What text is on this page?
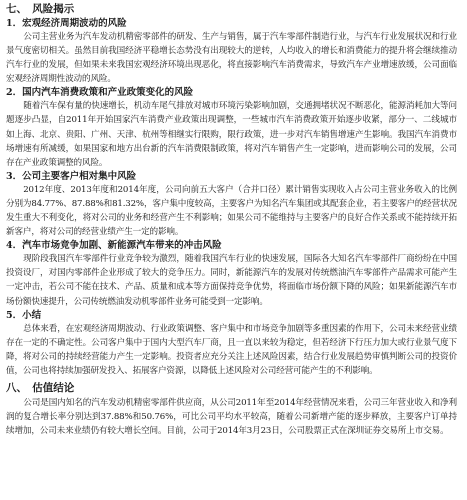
七、　风险揭示
1．宏观经济周期波动的风险

公司主营业务为汽车发动机精密零部件的研发、生产与销售，属于汽车零部件制造行业，与汽车行业发展状况和行业景气度密切相关。虽然目前我国经济平稳增长态势没有出现较大的逆转，人均收入的增长和消费能力的提升将会继续推动汽车行业的发展，但如果未来我国宏观经济环境出现恶化，将直接影响汽车消费需求，导致汽车产业增速放缓，公司面临宏观经济周期性波动的风险。

2．国内汽车消费政策和产业政策变化的风险

随着汽车保有量的快速增长，机动车尾气排放对城市环境污染影响加剧，交通拥堵状况不断恶化，能源消耗加大等问题逐步凸显，自2011年开始国家汽车消费产业政策出现调整，一些城市汽车消费政策开始逐步收紧，部分一、二线城市如上海、北京、贵阳、广州、天津、杭州等相继实行限购，限行政策，进一步对汽车销售增速产生影响。我国汽车消费市场增速有所减缓，如果国家和地方出台新的汽车消费限制政策，将对汽车销售产生一定影响，进而影响公司的发展，公司存在产业政策调整的风险。

3．公司主要客户相对集中风险

2012年度、2013年度和2014年度，公司向前五大客户（合并口径）累计销售实现收入占公司主营业务收入的比例分别为84.77%、87.88%和81.32%，客户集中度较高，主要客户为知名汽车集团或其配套企业，若主要客户的经营状况发生重大不利变化，将对公司的业务和经营产生不利影响；如果公司不能维持与主要客户的良好合作关系或不能持续开拓新客户，将对公司的经营业绩产生一定的影响。

4．汽车市场竞争加剧、新能源汽车带来的冲击风险

现阶段我国汽车零部件行业竞争较为激烈，随着我国汽车行业的快速发展，国际各大知名汽车零部件厂商纷纷在中国投资设厂，对国内零部件企业形成了较大的竞争压力。同时，新能源汽车的发展对传统燃油汽车零部件产品需求可能产生一定冲击，若公司不能在技术、产品、质量和成本等方面保持竞争优势，将面临市场份额下降的风险；如果新能源汽车市场份额快速提升，公司传统燃油发动机零部件业务可能受到一定影响。

5．小结

总体来看，在宏观经济周期波动、行业政策调整、客户集中和市场竞争加剧等多重因素的作用下，公司未来经营业绩存在一定的不确定性。公司客户集中于国内大型汽车厂商，且一直以来较为稳定，但若经济下行压力加大或行业景气度下降，将对公司的持续经营能力产生一定影响。投资者应充分关注上述风险因素，结合行业发展趋势审慎判断公司的投资价值，公司也将持续加强研发投入、拓展客户资源，以降低上述风险对公司经营可能产生的不利影响。

八、　估值结论

公司是国内知名的汽车发动机精密零部件供应商，从公司2011年至2014年经营情况来看，公司三年营业收入和净利润的复合增长率分别达到37.88%和50.76%，可比公司平均水平较高，随着公司新增产能的逐步释放，主要客户订单持续增加，公司未来业绩仍有较大增长空间。目前，公司于2014年3月23日，公司股票正式在深圳证券交易所上市交易。
